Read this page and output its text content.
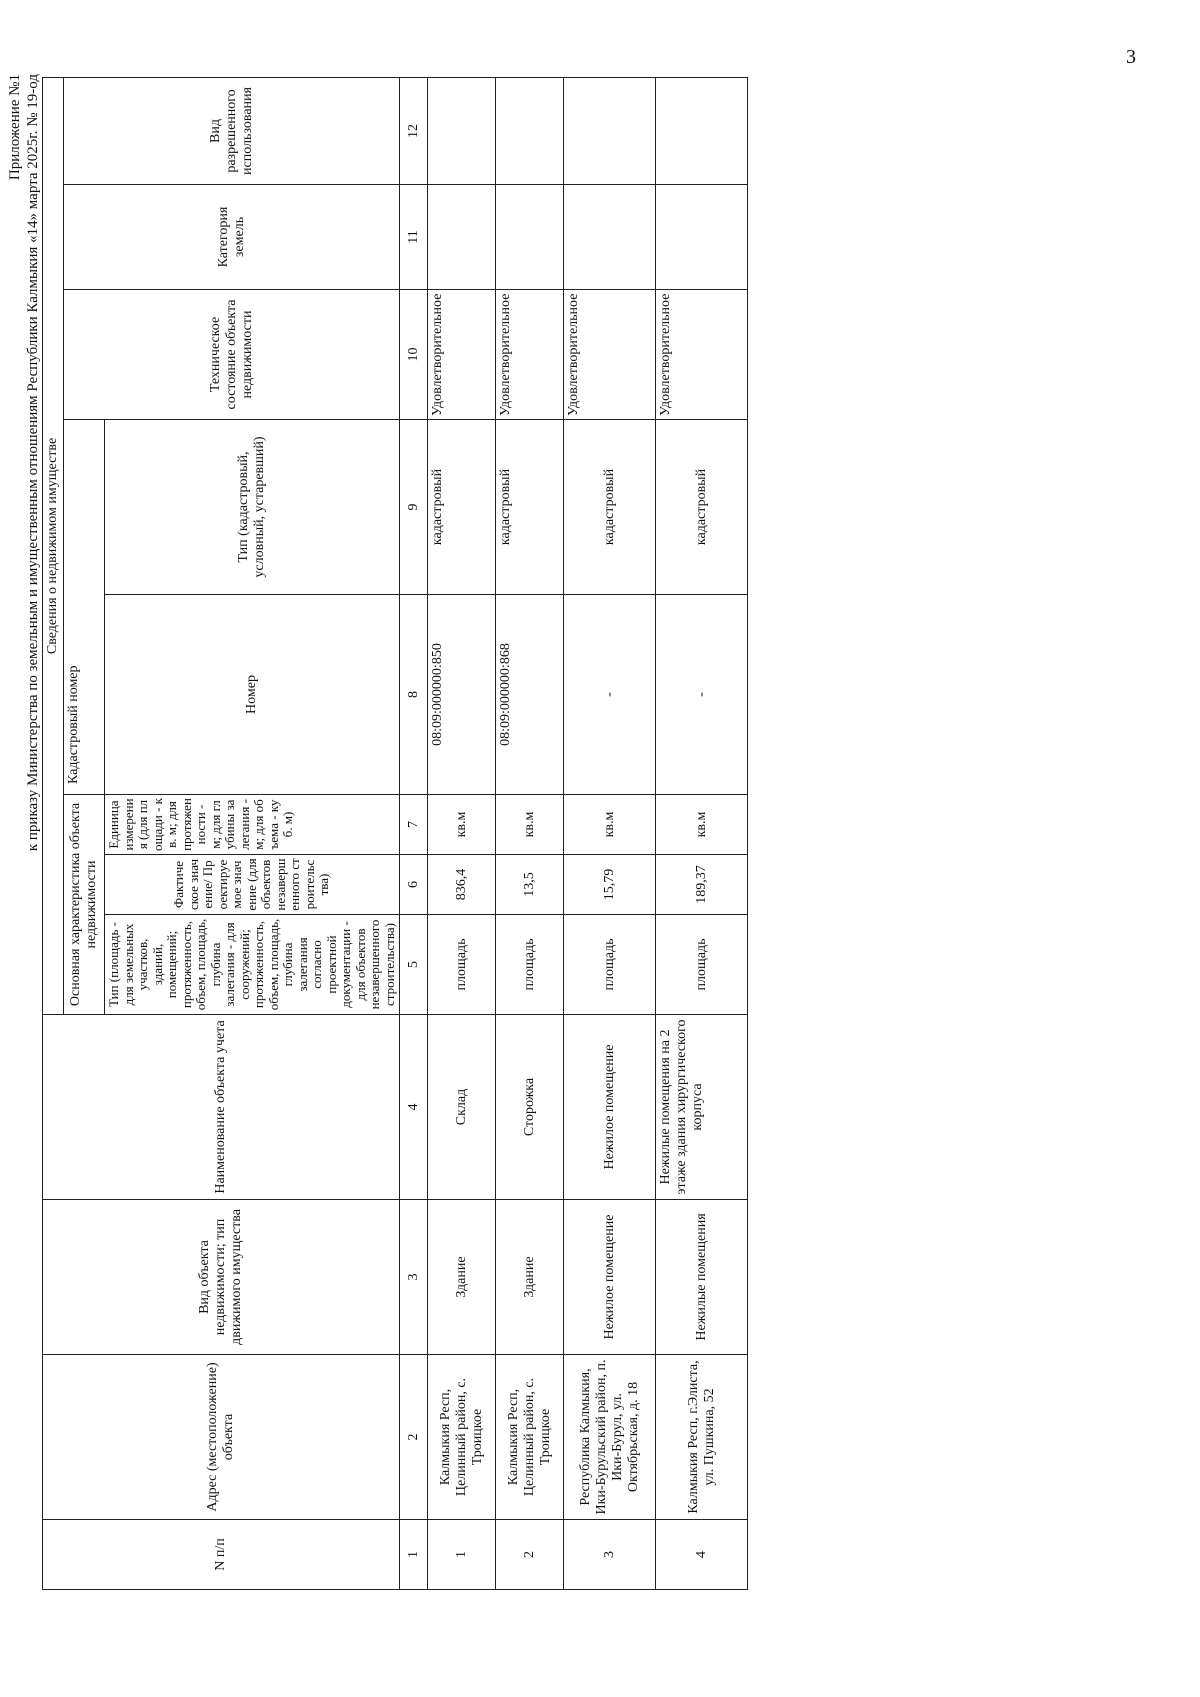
3
Приложение №1 к приказу Министерства по земельным и имущественным отношениям Республики Калмыкия «14» марта 2025г. № 19-од
N п/п	Адрес (местоположение) объекта	Вид объекта недвижимости; тип движимого имущества	Наименование объекта учета	Сведения о недвижимом имуществе							
				Основная характеристика объекта недвижимости			Кадастровый номер		Техническое состояние объекта недвижимости	Категория земель	Вид разрешенного использования
				Тип (площадь - для земельных участков, зданий, помещений; протяженность, объем, площадь, глубина залегания - для сооружений; протяженность, объем, площадь, глубина залегания согласно проектной документации - для объектов незавершенного строительства)	Фактическое значение/ Проектируемое значение (для объектов незавершенного строительства)	Единица измерения (для площади - кв. м; для протяженности - м; для глубины залегания - м; для объема - куб. м)	Номер	Тип (кадастровый, условный, устаревший)			
1	2	3	4	5	6	7	8	9	10	11	12
1	Калмыкия Респ, Целинный район, с. Троицкое	Здание	Склад	площадь	836,4	кв.м	08:09:000000:850	кадастровый	Удовлетворительное		
2	Калмыкия Респ, Целинный район, с. Троицкое	Здание	Сторожка	площадь	13,5	кв.м	08:09:000000:868	кадастровый	Удовлетворительное		
3	Республика Калмыкия, Ики-Бурульский район, п. Ики-Бурул, ул. Октябрьская, д. 18	Нежилое помещение	Нежилое помещение	площадь	15,79	кв.м	-	кадастровый	Удовлетворительное		
4	Калмыкия Респ, г.Элиста, ул. Пушкина, 52	Нежилые помещения	Нежилые помещения на 2 этаже здания хирургического корпуса	площадь	189,37	кв.м	-	кадастровый	Удовлетворительное		
